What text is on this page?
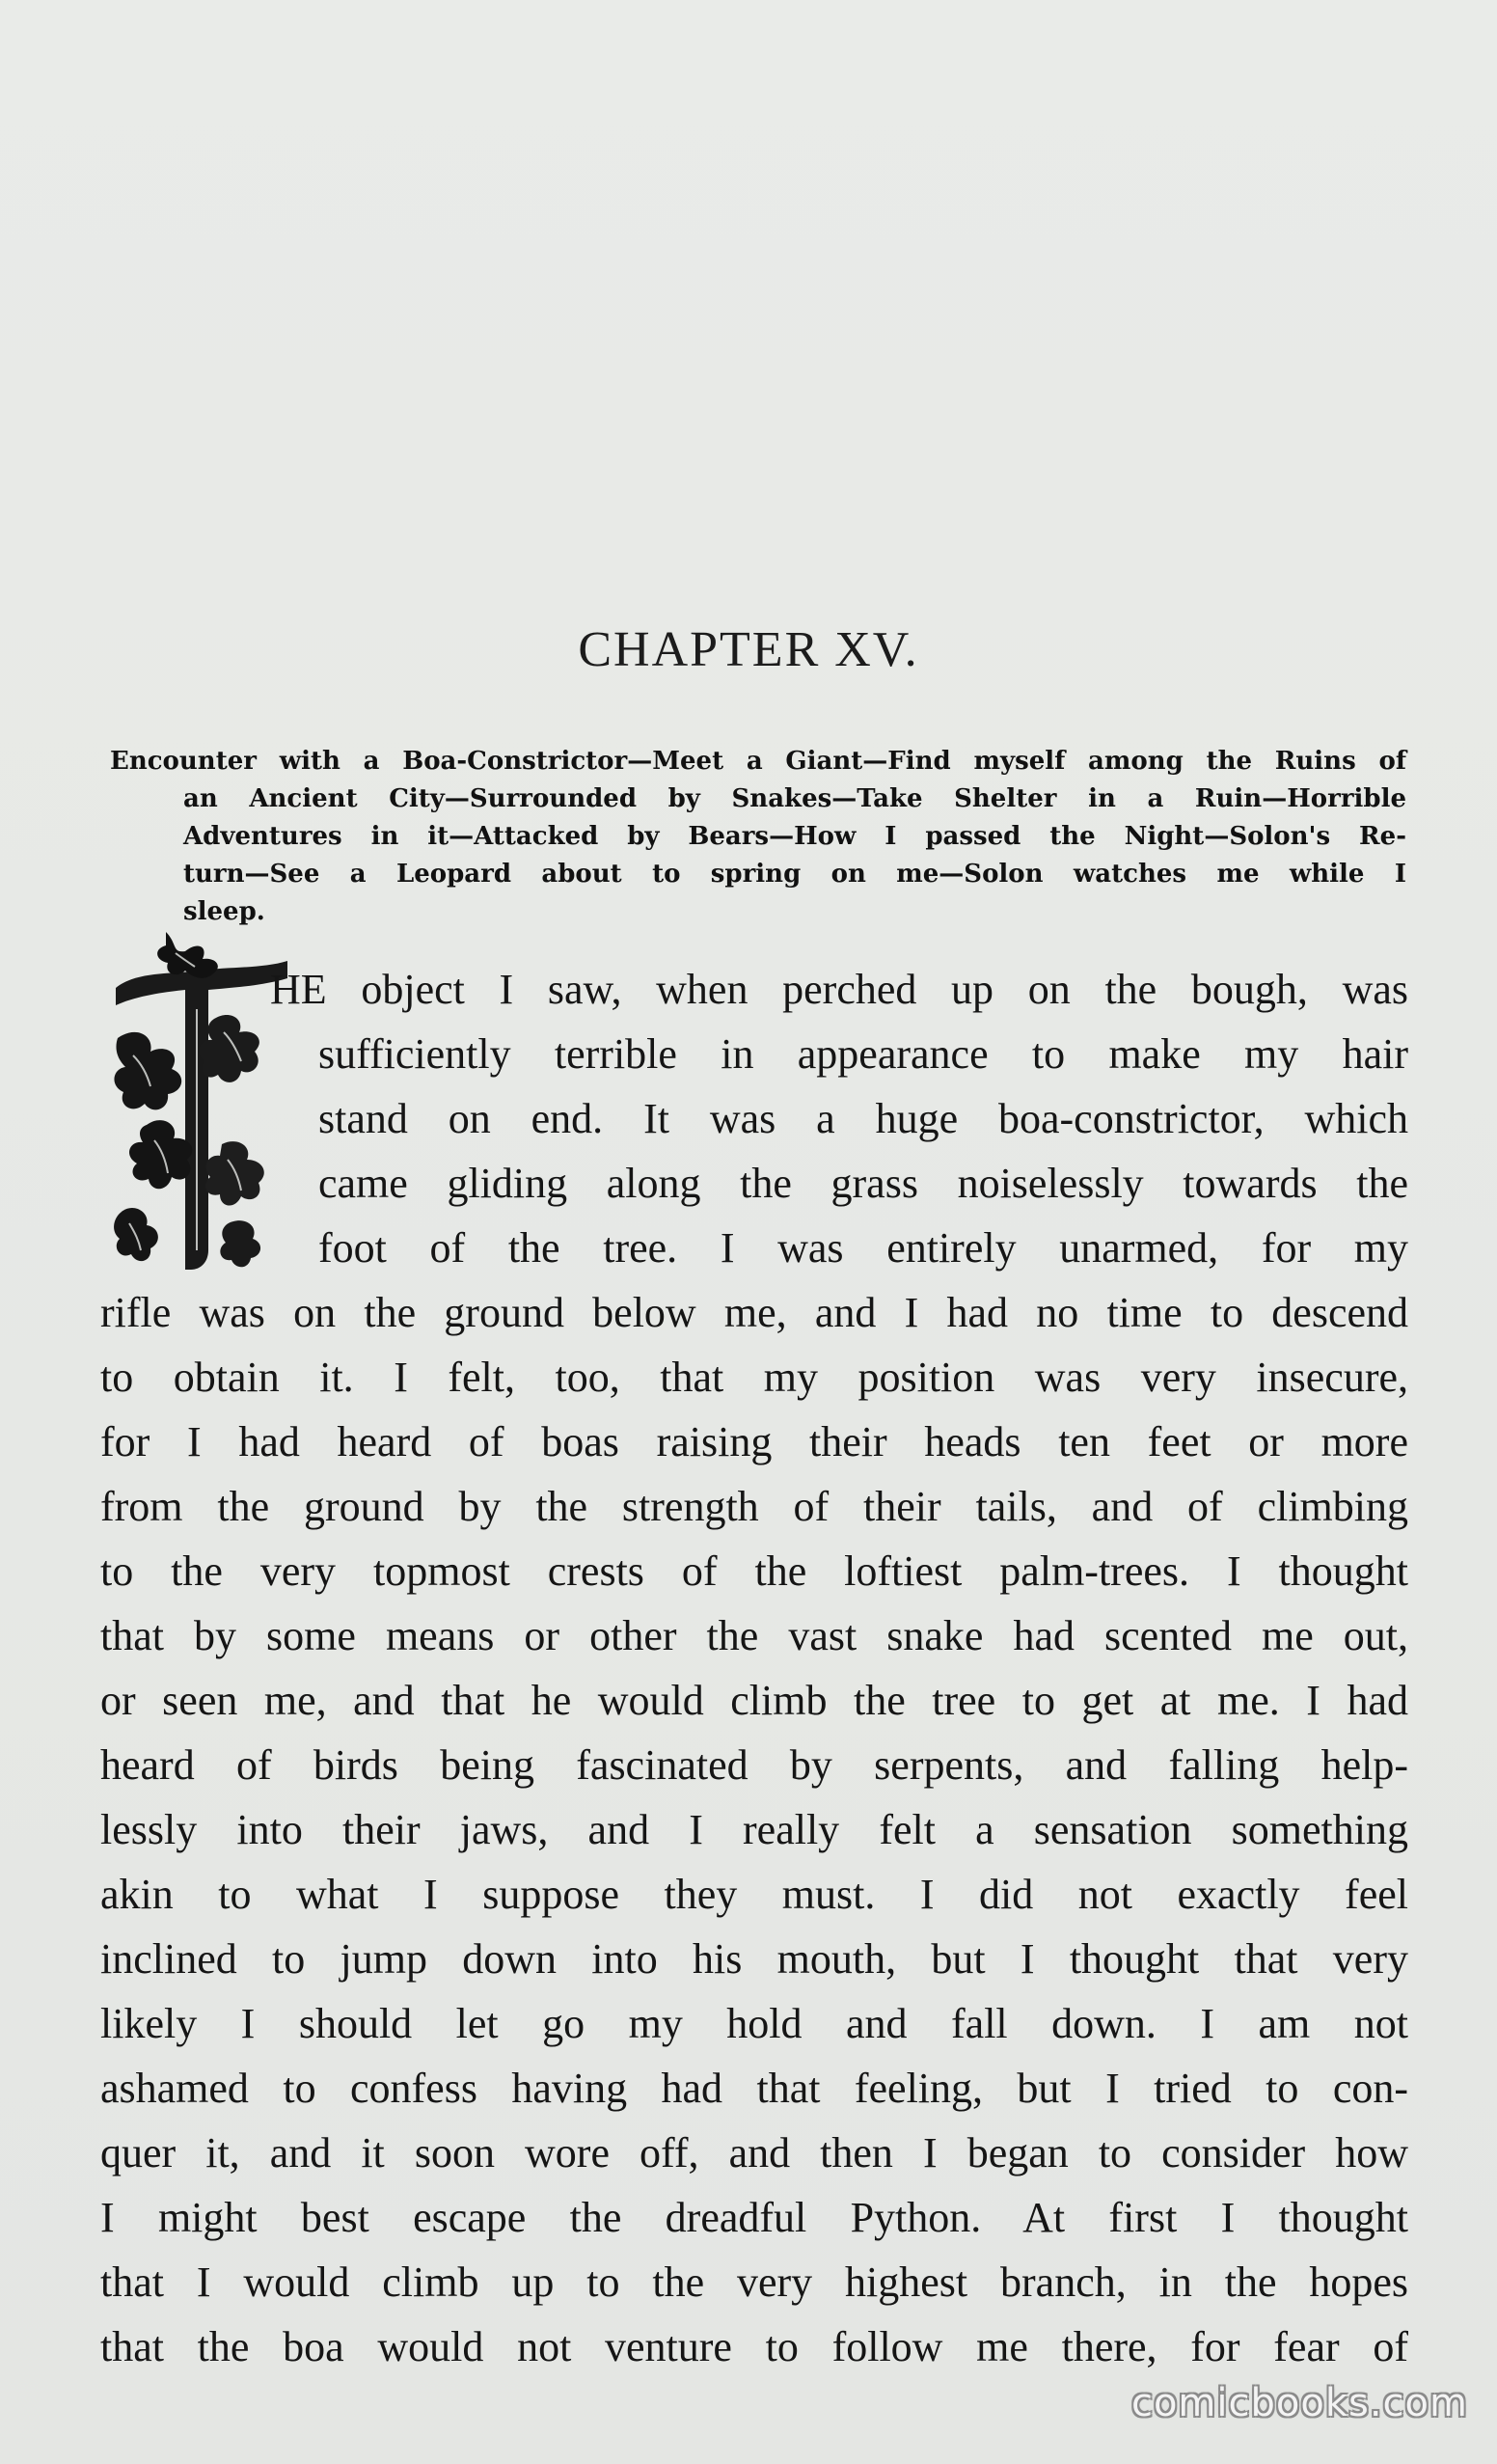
CHAPTER XV.
Encounter with a Boa-Constrictor—Meet a Giant—Find myself among the Ruins of
an Ancient City—Surrounded by Snakes—Take Shelter in a Ruin—Horrible
Adventures in it—Attacked by Bears—How I passed the Night—Solon's Re-
turn—See a Leopard about to spring on me—Solon watches me while I
sleep.
HE object I saw, when perched up on the bough, was
sufficiently terrible in appearance to make my hair
stand on end. It was a huge boa-constrictor, which
came gliding along the grass noiselessly towards the
foot of the tree. I was entirely unarmed, for my
rifle was on the ground below me, and I had no time to descend
to obtain it. I felt, too, that my position was very insecure,
for I had heard of boas raising their heads ten feet or more
from the ground by the strength of their tails, and of climbing
to the very topmost crests of the loftiest palm-trees. I thought
that by some means or other the vast snake had scented me out,
or seen me, and that he would climb the tree to get at me. I had
heard of birds being fascinated by serpents, and falling help-
lessly into their jaws, and I really felt a sensation something
akin to what I suppose they must. I did not exactly feel
inclined to jump down into his mouth, but I thought that very
likely I should let go my hold and fall down. I am not
ashamed to confess having had that feeling, but I tried to con-
quer it, and it soon wore off, and then I began to consider how
I might best escape the dreadful Python. At first I thought
that I would climb up to the very highest branch, in the hopes
that the boa would not venture to follow me there, for fear of
comicbooks.com
